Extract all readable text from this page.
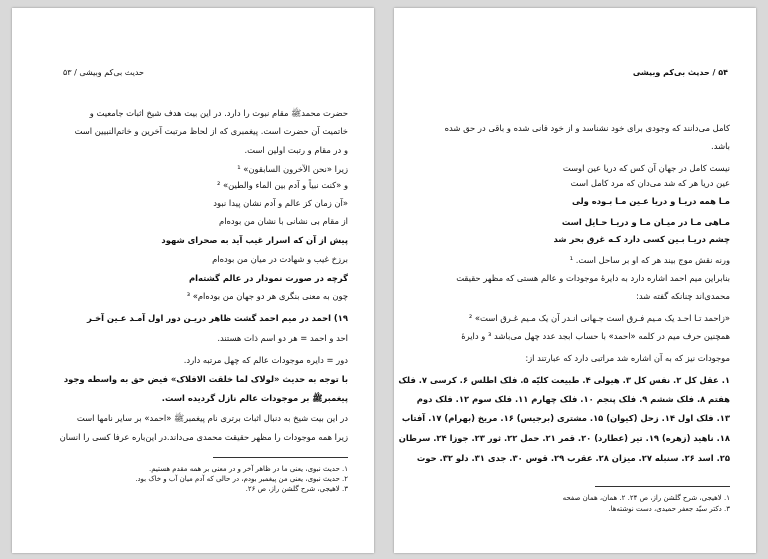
حدیث بی‌کم وبیشی / ۵۳
حضرت محمدﷺ مقام نبوت را دارد. در این بیت هدف شیخ اثبات جامعیت و
خاتمیت آن حضرت است. پیغمبری که از لحاظ مرتبت آخرین و خاتم‌النبیین است
و در مقام و رتبت اولین است.
زیرا «نحن الآخرون السابقون» ¹
و «کنت نبیاً و آدم بین الماء والطین» ²
«آن زمان کز عالم و آدم نشان پیدا نبود
از مقام بی نشانی با نشان من بوده‌ام
پیش از آن که اسرار غیب آید به صحرای شهود
برزخ غیب و شهادت در میان من بوده‌ام
گرچه در صورت نمودار در عالم گشته‌ام
چون به معنی بنگری هر دو جهان من بوده‌ام» ³
۱۹) احمد در میم احمد گشت ظاهر دریـن دور اول آمـد عـین آخـر
احد و احمد = هر دو اسم ذات هستند.
دور = دایره موجودات عالم که چهل مرتبه دارد.
با توجه به حدیث «لولاک لما خلقت الافلاک» فیض حق به واسطه وجود
پیغمبرﷺ بر موجودات عالم نازل گردیده است.
در این بیت شیخ به دنبال اثبات برتری نام پیغمبرﷺ «احمد» بر سایر نامها است
زیرا همه موجودات را مظهر حقیقت محمدی می‌داند.در این‌باره عرفا کسی را انسان
۱. حدیث نبوی، یعنی ما در ظاهر آخر و در معنی بر همه مقدم هستیم.
۲. حدیث نبوی، یعنی من پیغمبر بودم، در حالی که آدم میان آب و خاک بود.
۳. لاهیجی، شرح گلشن راز، ص ۲۶.
۵۴ / حدیث بی‌کم وبیشی
کامل می‌دانند که وجودی برای خود نشناسد و از خود فانی شده و باقی در حق شده
باشد.
نیست کامل در جهان آن کس که دریا عین اوست
عین دریا هر که شد می‌دان که مرد کامل است
مـا همه دریـا و دریا عـین مـا بـوده ولی
مـاهی مـا در میـان مـا و دریـا حـایل است
چشم دریـا بـین کسی دارد کـه غرق بحر شد
ورنه نقش موج بیند هر که او بر ساحل است. ¹
بنابراین میم احمد اشاره دارد به دایرهٔ موجودات و عالم هستی که مظهر حقیقت
محمدی‌اند چنانکه گفته شد:
«زاحمد تـا احـد یک مـیم فـرق است جـهانی انـدر آن یک مـیم غـرق است» ²
همچنین حرف میم در کلمه «احمد» با حساب ابجد عدد چهل می‌باشد ³ و دایرهٔ
موجودات نیز که به آن اشاره شد مراتبی دارد که عبارتند از:
۱. عقل کل ۲. نفس کل ۳. هیولی ۴. طبیعت کلیّه ۵. فلک اطلس ۶. کرسی ۷. فلک
هفتم ۸. فلک ششم ۹. فلک پنجم ۱۰. فلک چهارم ۱۱. فلک سوم ۱۲. فلک دوم
۱۳. فلک اول ۱۴. زحل (کیوان) ۱۵. مشتری (برجیس) ۱۶. مریخ (بهرام) ۱۷. آفتاب
۱۸. ناهید (زهره) ۱۹. تیر (عطارد) ۲۰. قمر ۲۱. حمل ۲۲. ثور ۲۳. جوزا ۲۴. سرطان
۲۵. اسد ۲۶. سنبله ۲۷. میزان ۲۸. عقرب ۲۹. قوس ۳۰. جدی ۳۱. دلو ۳۲. حوت
۱. لاهیجی، شرح گلشن راز، ص ۲۴. ۲. همان، همان صفحه
۳. دکتر سیّد جعفر حمیدی، دست نوشته‌ها.
